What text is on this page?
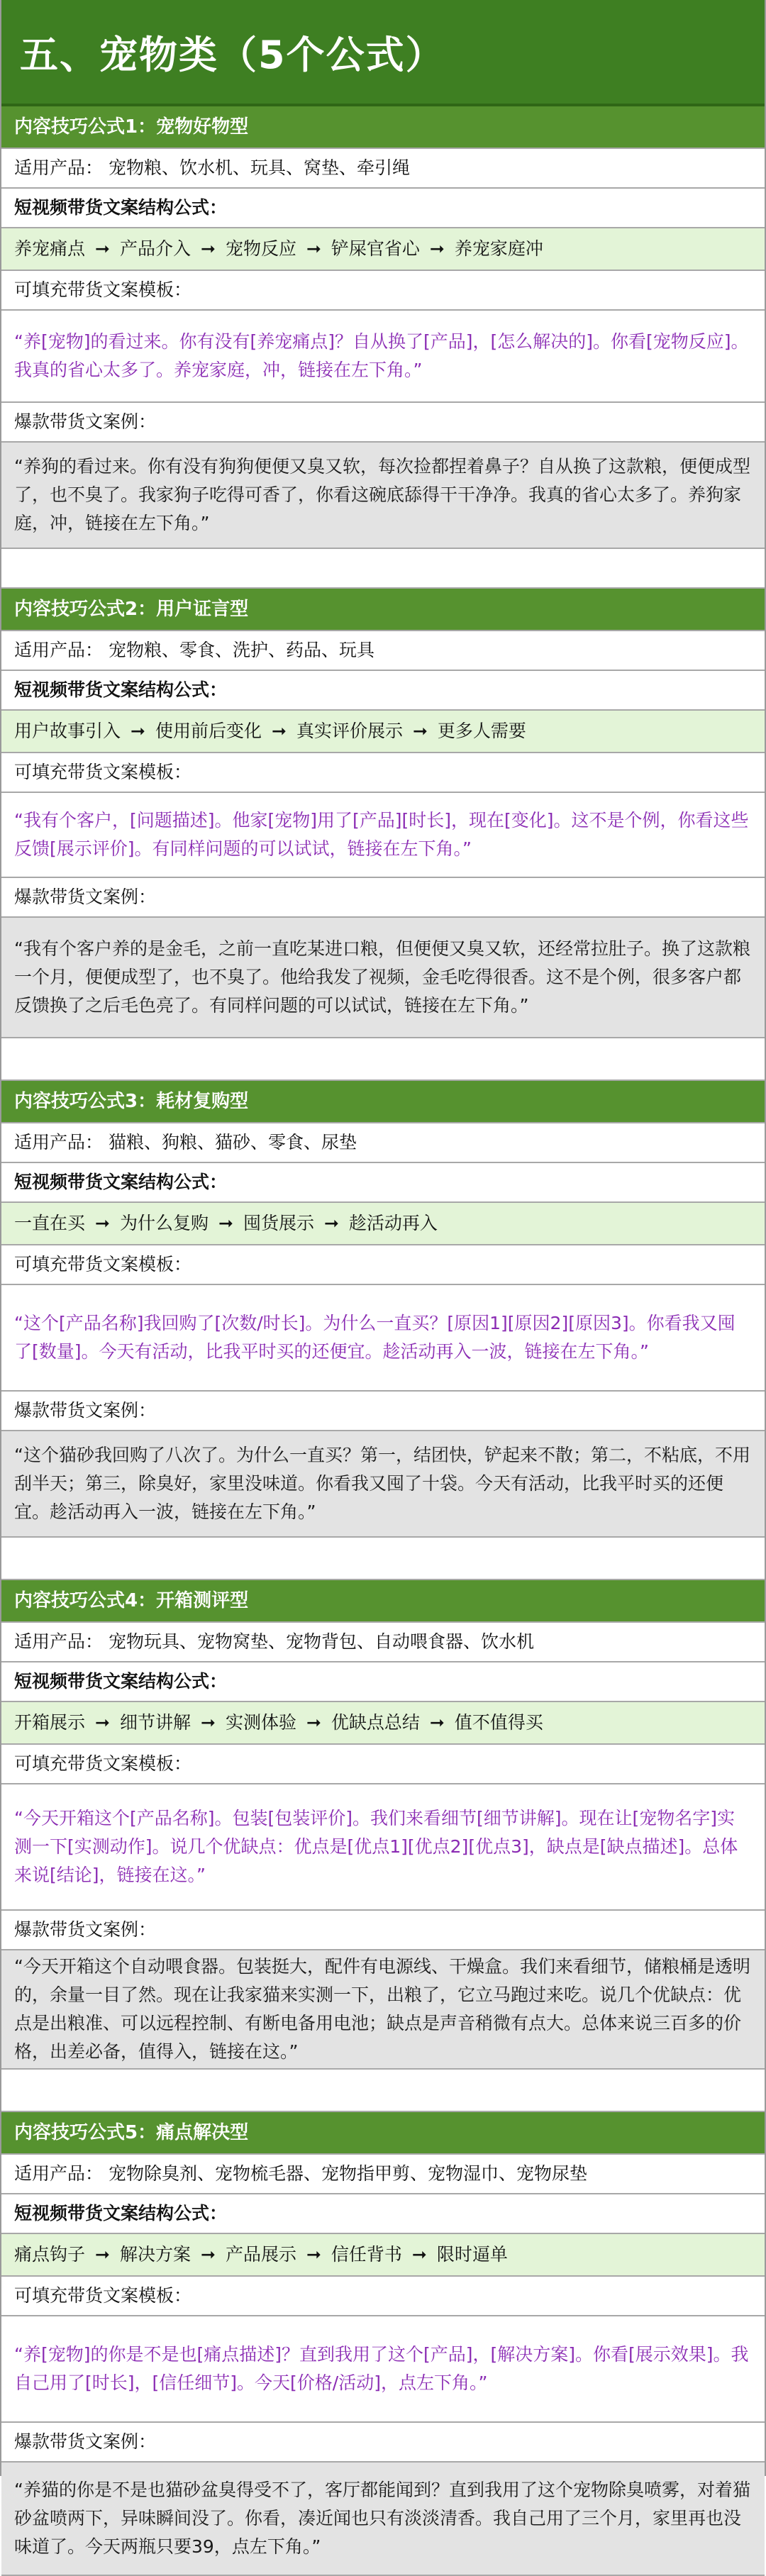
五、宠物类（5个公式）
内容技巧公式1：宠物好物型
适用产品： 宠物粮、饮水机、玩具、窝垫、牵引绳
短视频带货文案结构公式：
养宠痛点 ➞ 产品介入 ➞ 宠物反应 ➞ 铲屎官省心 ➞ 养宠家庭冲
可填充带货文案模板：
“养[宠物]的看过来。你有没有[养宠痛点]？自从换了[产品]，[怎么解决的]。你看[宠物反应]。我真的省心太多了。养宠家庭，冲，链接在左下角。”
爆款带货文案例：
“养狗的看过来。你有没有狗狗便便又臭又软，每次捡都捏着鼻子？自从换了这款粮，便便成型了，也不臭了。我家狗子吃得可香了，你看这碗底舔得干干净净。我真的省心太多了。养狗家庭，冲，链接在左下角。”
内容技巧公式2：用户证言型
适用产品： 宠物粮、零食、洗护、药品、玩具
短视频带货文案结构公式：
用户故事引入 ➞ 使用前后变化 ➞ 真实评价展示 ➞ 更多人需要
可填充带货文案模板：
“我有个客户，[问题描述]。他家[宠物]用了[产品][时长]，现在[变化]。这不是个例，你看这些反馈[展示评价]。有同样问题的可以试试，链接在左下角。”
爆款带货文案例：
“我有个客户养的是金毛，之前一直吃某进口粮，但便便又臭又软，还经常拉肚子。换了这款粮一个月，便便成型了，也不臭了。他给我发了视频，金毛吃得很香。这不是个例，很多客户都反馈换了之后毛色亮了。有同样问题的可以试试，链接在左下角。”
内容技巧公式3：耗材复购型
适用产品： 猫粮、狗粮、猫砂、零食、尿垫
短视频带货文案结构公式：
一直在买 ➞ 为什么复购 ➞ 囤货展示 ➞ 趁活动再入
可填充带货文案模板：
“这个[产品名称]我回购了[次数/时长]。为什么一直买？[原因1][原因2][原因3]。你看我又囤了[数量]。今天有活动，比我平时买的还便宜。趁活动再入一波，链接在左下角。”
爆款带货文案例：
“这个猫砂我回购了八次了。为什么一直买？第一，结团快，铲起来不散；第二，不粘底，不用刮半天；第三，除臭好，家里没味道。你看我又囤了十袋。今天有活动，比我平时买的还便宜。趁活动再入一波，链接在左下角。”
内容技巧公式4：开箱测评型
适用产品： 宠物玩具、宠物窝垫、宠物背包、自动喂食器、饮水机
短视频带货文案结构公式：
开箱展示 ➞ 细节讲解 ➞ 实测体验 ➞ 优缺点总结 ➞ 值不值得买
可填充带货文案模板：
“今天开箱这个[产品名称]。包装[包装评价]。我们来看细节[细节讲解]。现在让[宠物名字]实测一下[实测动作]。说几个优缺点：优点是[优点1][优点2][优点3]，缺点是[缺点描述]。总体来说[结论]，链接在这。”
爆款带货文案例：
“今天开箱这个自动喂食器。包装挺大，配件有电源线、干燥盒。我们来看细节，储粮桶是透明的，余量一目了然。现在让我家猫来实测一下，出粮了，它立马跑过来吃。说几个优缺点：优点是出粮准、可以远程控制、有断电备用电池；缺点是声音稍微有点大。总体来说三百多的价格，出差必备，值得入，链接在这。”
内容技巧公式5：痛点解决型
适用产品： 宠物除臭剂、宠物梳毛器、宠物指甲剪、宠物湿巾、宠物尿垫
短视频带货文案结构公式：
痛点钩子 ➞ 解决方案 ➞ 产品展示 ➞ 信任背书 ➞ 限时逼单
可填充带货文案模板：
“养[宠物]的你是不是也[痛点描述]？直到我用了这个[产品]，[解决方案]。你看[展示效果]。我自己用了[时长]，[信任细节]。今天[价格/活动]，点左下角。”
爆款带货文案例：
“养猫的你是不是也猫砂盆臭得受不了，客厅都能闻到？直到我用了这个宠物除臭喷雾，对着猫砂盆喷两下，异味瞬间没了。你看，凑近闻也只有淡淡清香。我自己用了三个月，家里再也没味道了。今天两瓶只要39，点左下角。”
